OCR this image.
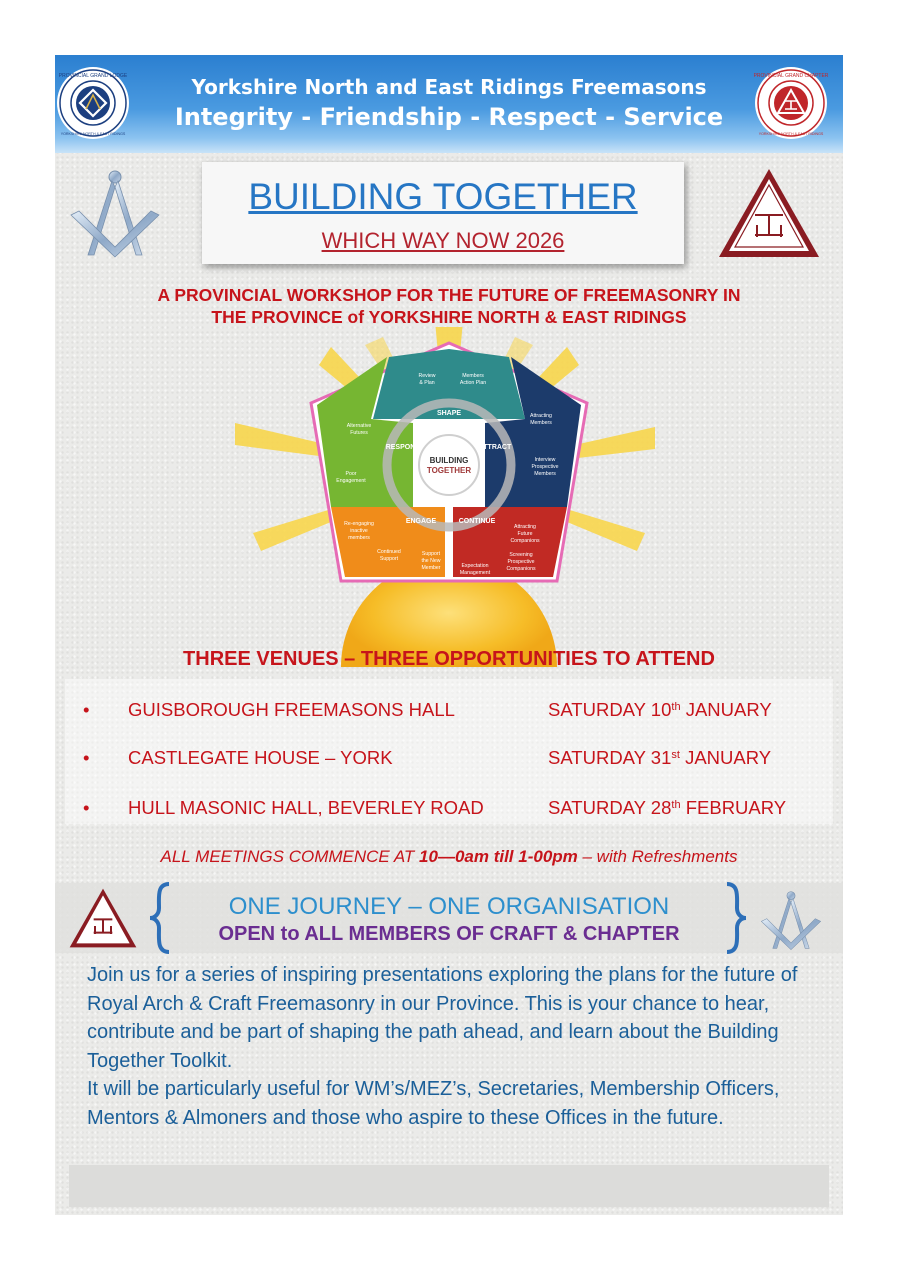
PROVINCIAL GRAND LODGE
YORKSHIRE NORTH & EAST RIDINGS
Yorkshire North and East Ridings Freemasons
Integrity - Friendship - Respect - Service
PROVINCIAL GRAND CHAPTER
YORKSHIRE NORTH & EAST RIDINGS
BUILDING TOGETHER
WHICH WAY NOW 2026
A PROVINCIAL WORKSHOP FOR THE FUTURE OF FREEMASONRY IN
THE PROVINCE of YORKSHIRE NORTH & EAST RIDINGS
BUILDING
TOGETHER
SHAPE
ATTRACT
CONTINUE
ENGAGE
RESPOND
Review
& Plan
Members
Action Plan
Attracting
Members
Interview
Prospective
Members
Attracting
Future
Companions
Screening
Prospective
Companions
Expectation
Management
Support
the New
Member
Continued
Support
Re-engaging
inactive
members
Poor
Engagement
Alternative
Futures
THREE VENUES – THREE OPPORTUNITIES TO ATTEND
• GUISBOROUGH FREEMASONS HALL	SATURDAY 10th JANUARY
• CASTLEGATE HOUSE – YORK	SATURDAY 31st JANUARY
• HULL MASONIC HALL, BEVERLEY ROAD	SATURDAY 28th FEBRUARY
ALL MEETINGS COMMENCE AT 10—0am till 1-00pm – with Refreshments
ONE JOURNEY – ONE ORGANISATION
OPEN to ALL MEMBERS OF CRAFT & CHAPTER

Join us for a series of inspiring presentations exploring the plans for the future of Royal Arch & Craft Freemasonry in our Province. This is your chance to hear, contribute and be part of shaping the path ahead, and learn about the Building Together Toolkit.

It will be particularly useful for WM’s/MEZ’s, Secretaries, Membership Officers, Mentors & Almoners and those who aspire to these Offices in the future.
